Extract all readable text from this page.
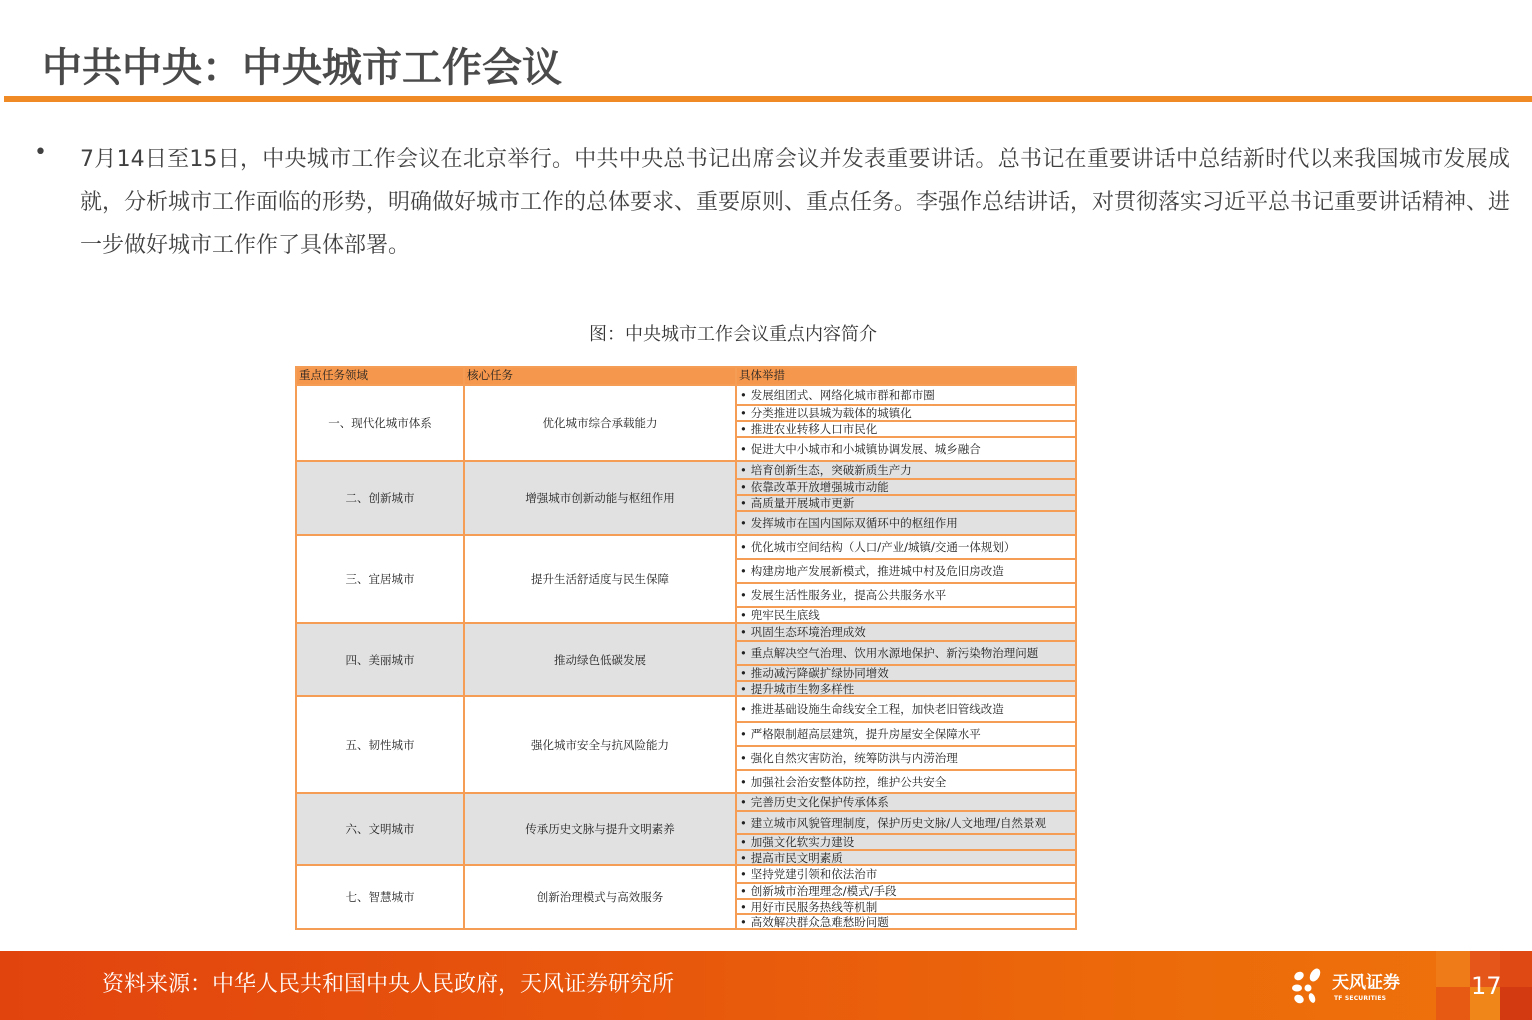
中共中央：中央城市工作会议
• 7月14日至15日，中央城市工作会议在北京举行。中共中央总书记出席会议并发表重要讲话。总书记在重要讲话中总结新时代以来我国城市发展成就，分析城市工作面临的形势，明确做好城市工作的总体要求、重要原则、重点任务。李强作总结讲话，对贯彻落实习近平总书记重要讲话精神、进一步做好城市工作作了具体部署。
图：中央城市工作会议重点内容简介
重点任务领域	核心任务	具体举措
一、现代化城市体系	优化城市综合承载能力
• 发展组团式、网络化城市群和都市圈
• 分类推进以县城为载体的城镇化
• 推进农业转移人口市民化
• 促进大中小城市和小城镇协调发展、城乡融合
二、创新城市	增强城市创新动能与枢纽作用
• 培育创新生态，突破新质生产力
• 依靠改革开放增强城市动能
• 高质量开展城市更新
• 发挥城市在国内国际双循环中的枢纽作用
三、宜居城市	提升生活舒适度与民生保障
• 优化城市空间结构（人口/产业/城镇/交通一体规划）
• 构建房地产发展新模式，推进城中村及危旧房改造
• 发展生活性服务业，提高公共服务水平
• 兜牢民生底线
四、美丽城市	推动绿色低碳发展
• 巩固生态环境治理成效
• 重点解决空气治理、饮用水源地保护、新污染物治理问题
• 推动减污降碳扩绿协同增效
• 提升城市生物多样性
五、韧性城市	强化城市安全与抗风险能力
• 推进基础设施生命线安全工程，加快老旧管线改造
• 严格限制超高层建筑，提升房屋安全保障水平
• 强化自然灾害防治，统筹防洪与内涝治理
• 加强社会治安整体防控，维护公共安全
六、文明城市	传承历史文脉与提升文明素养
• 完善历史文化保护传承体系
• 建立城市风貌管理制度，保护历史文脉/人文地理/自然景观
• 加强文化软实力建设
• 提高市民文明素质
七、智慧城市	创新治理模式与高效服务
• 坚持党建引领和依法治市
• 创新城市治理理念/模式/手段
• 用好市民服务热线等机制
• 高效解决群众急难愁盼问题
资料来源：中华人民共和国中央人民政府，天风证券研究所	天风证券
TF SECURITIES	17
